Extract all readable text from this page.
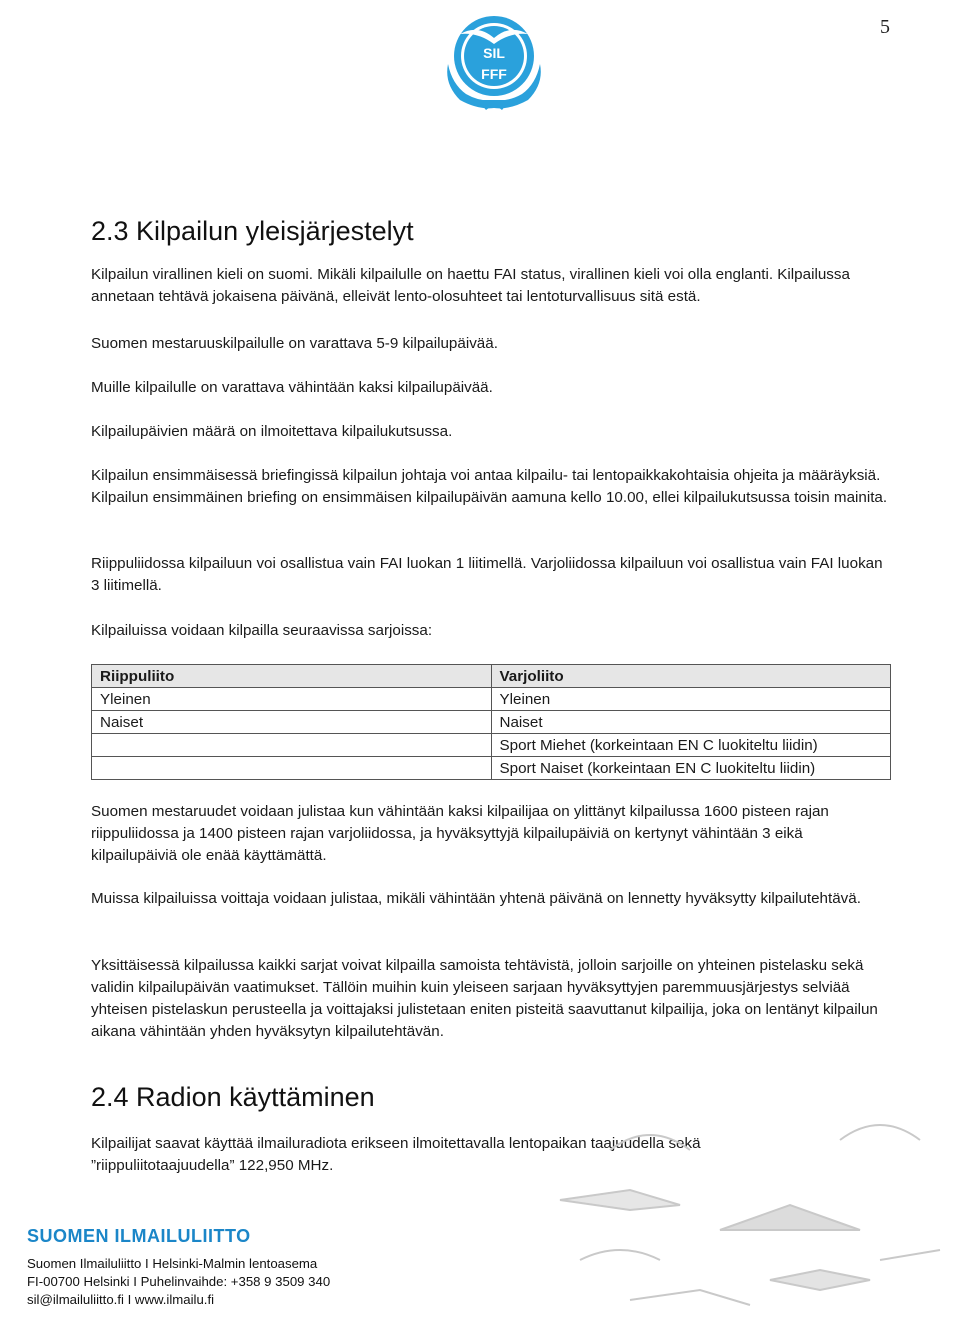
5
SIL
FFF
2.3 Kilpailun yleisjärjestelyt

Kilpailun virallinen kieli on suomi. Mikäli kilpailulle on haettu FAI status, virallinen kieli voi olla englanti. Kilpailussa annetaan tehtävä jokaisena päivänä, elleivät lento-olosuhteet tai lentoturvallisuus sitä estä.

Suomen mestaruuskilpailulle on varattava 5-9 kilpailupäivää.

Muille kilpailulle on varattava vähintään kaksi kilpailupäivää.

Kilpailupäivien määrä on ilmoitettava kilpailukutsussa.

Kilpailun ensimmäisessä briefingissä kilpailun johtaja voi antaa kilpailu- tai lentopaikkakohtaisia ohjeita ja määräyksiä. Kilpailun ensimmäinen briefing on ensimmäisen kilpailupäivän aamuna kello 10.00, ellei kilpailukutsussa toisin mainita.

Riippuliidossa kilpailuun voi osallistua vain FAI luokan 1 liitimellä. Varjoliidossa kilpailuun voi osallistua vain FAI luokan 3 liitimellä.

Kilpailuissa voidaan kilpailla seuraavissa sarjoissa:

Riippuliito	Varjoliito
Yleinen	Yleinen
Naiset	Naiset
	Sport Miehet (korkeintaan EN C luokiteltu liidin)
	Sport Naiset (korkeintaan EN C luokiteltu liidin)

Suomen mestaruudet voidaan julistaa kun vähintään kaksi kilpailijaa on ylittänyt kilpailussa 1600 pisteen rajan riippuliidossa ja 1400 pisteen rajan varjoliidossa, ja hyväksyttyjä kilpailupäiviä on kertynyt vähintään 3 eikä kilpailupäiviä ole enää käyttämättä.

Muissa kilpailuissa voittaja voidaan julistaa, mikäli vähintään yhtenä päivänä on lennetty hyväksytty kilpailutehtävä.

Yksittäisessä kilpailussa kaikki sarjat voivat kilpailla samoista tehtävistä, jolloin sarjoille on yhteinen pistelasku sekä validin kilpailupäivän vaatimukset. Tällöin muihin kuin yleiseen sarjaan hyväksyttyjen paremmuusjärjestys selviää yhteisen pistelaskun perusteella ja voittajaksi julistetaan eniten pisteitä saavuttanut kilpailija, joka on lentänyt kilpailun aikana vähintään yhden hyväksytyn kilpailutehtävän.

2.4 Radion käyttäminen

Kilpailijat saavat käyttää ilmailuradiota erikseen ilmoitettavalla lentopaikan taajuudella sekä ”riippuliitotaajuudella” 122,950 MHz.

SUOMEN ILMAILULIITTO
Suomen Ilmailuliitto I Helsinki-Malmin lentoasema
FI-00700 Helsinki I Puhelinvaihde: +358 9 3509 340
sil@ilmailuliitto.fi I www.ilmailu.fi
